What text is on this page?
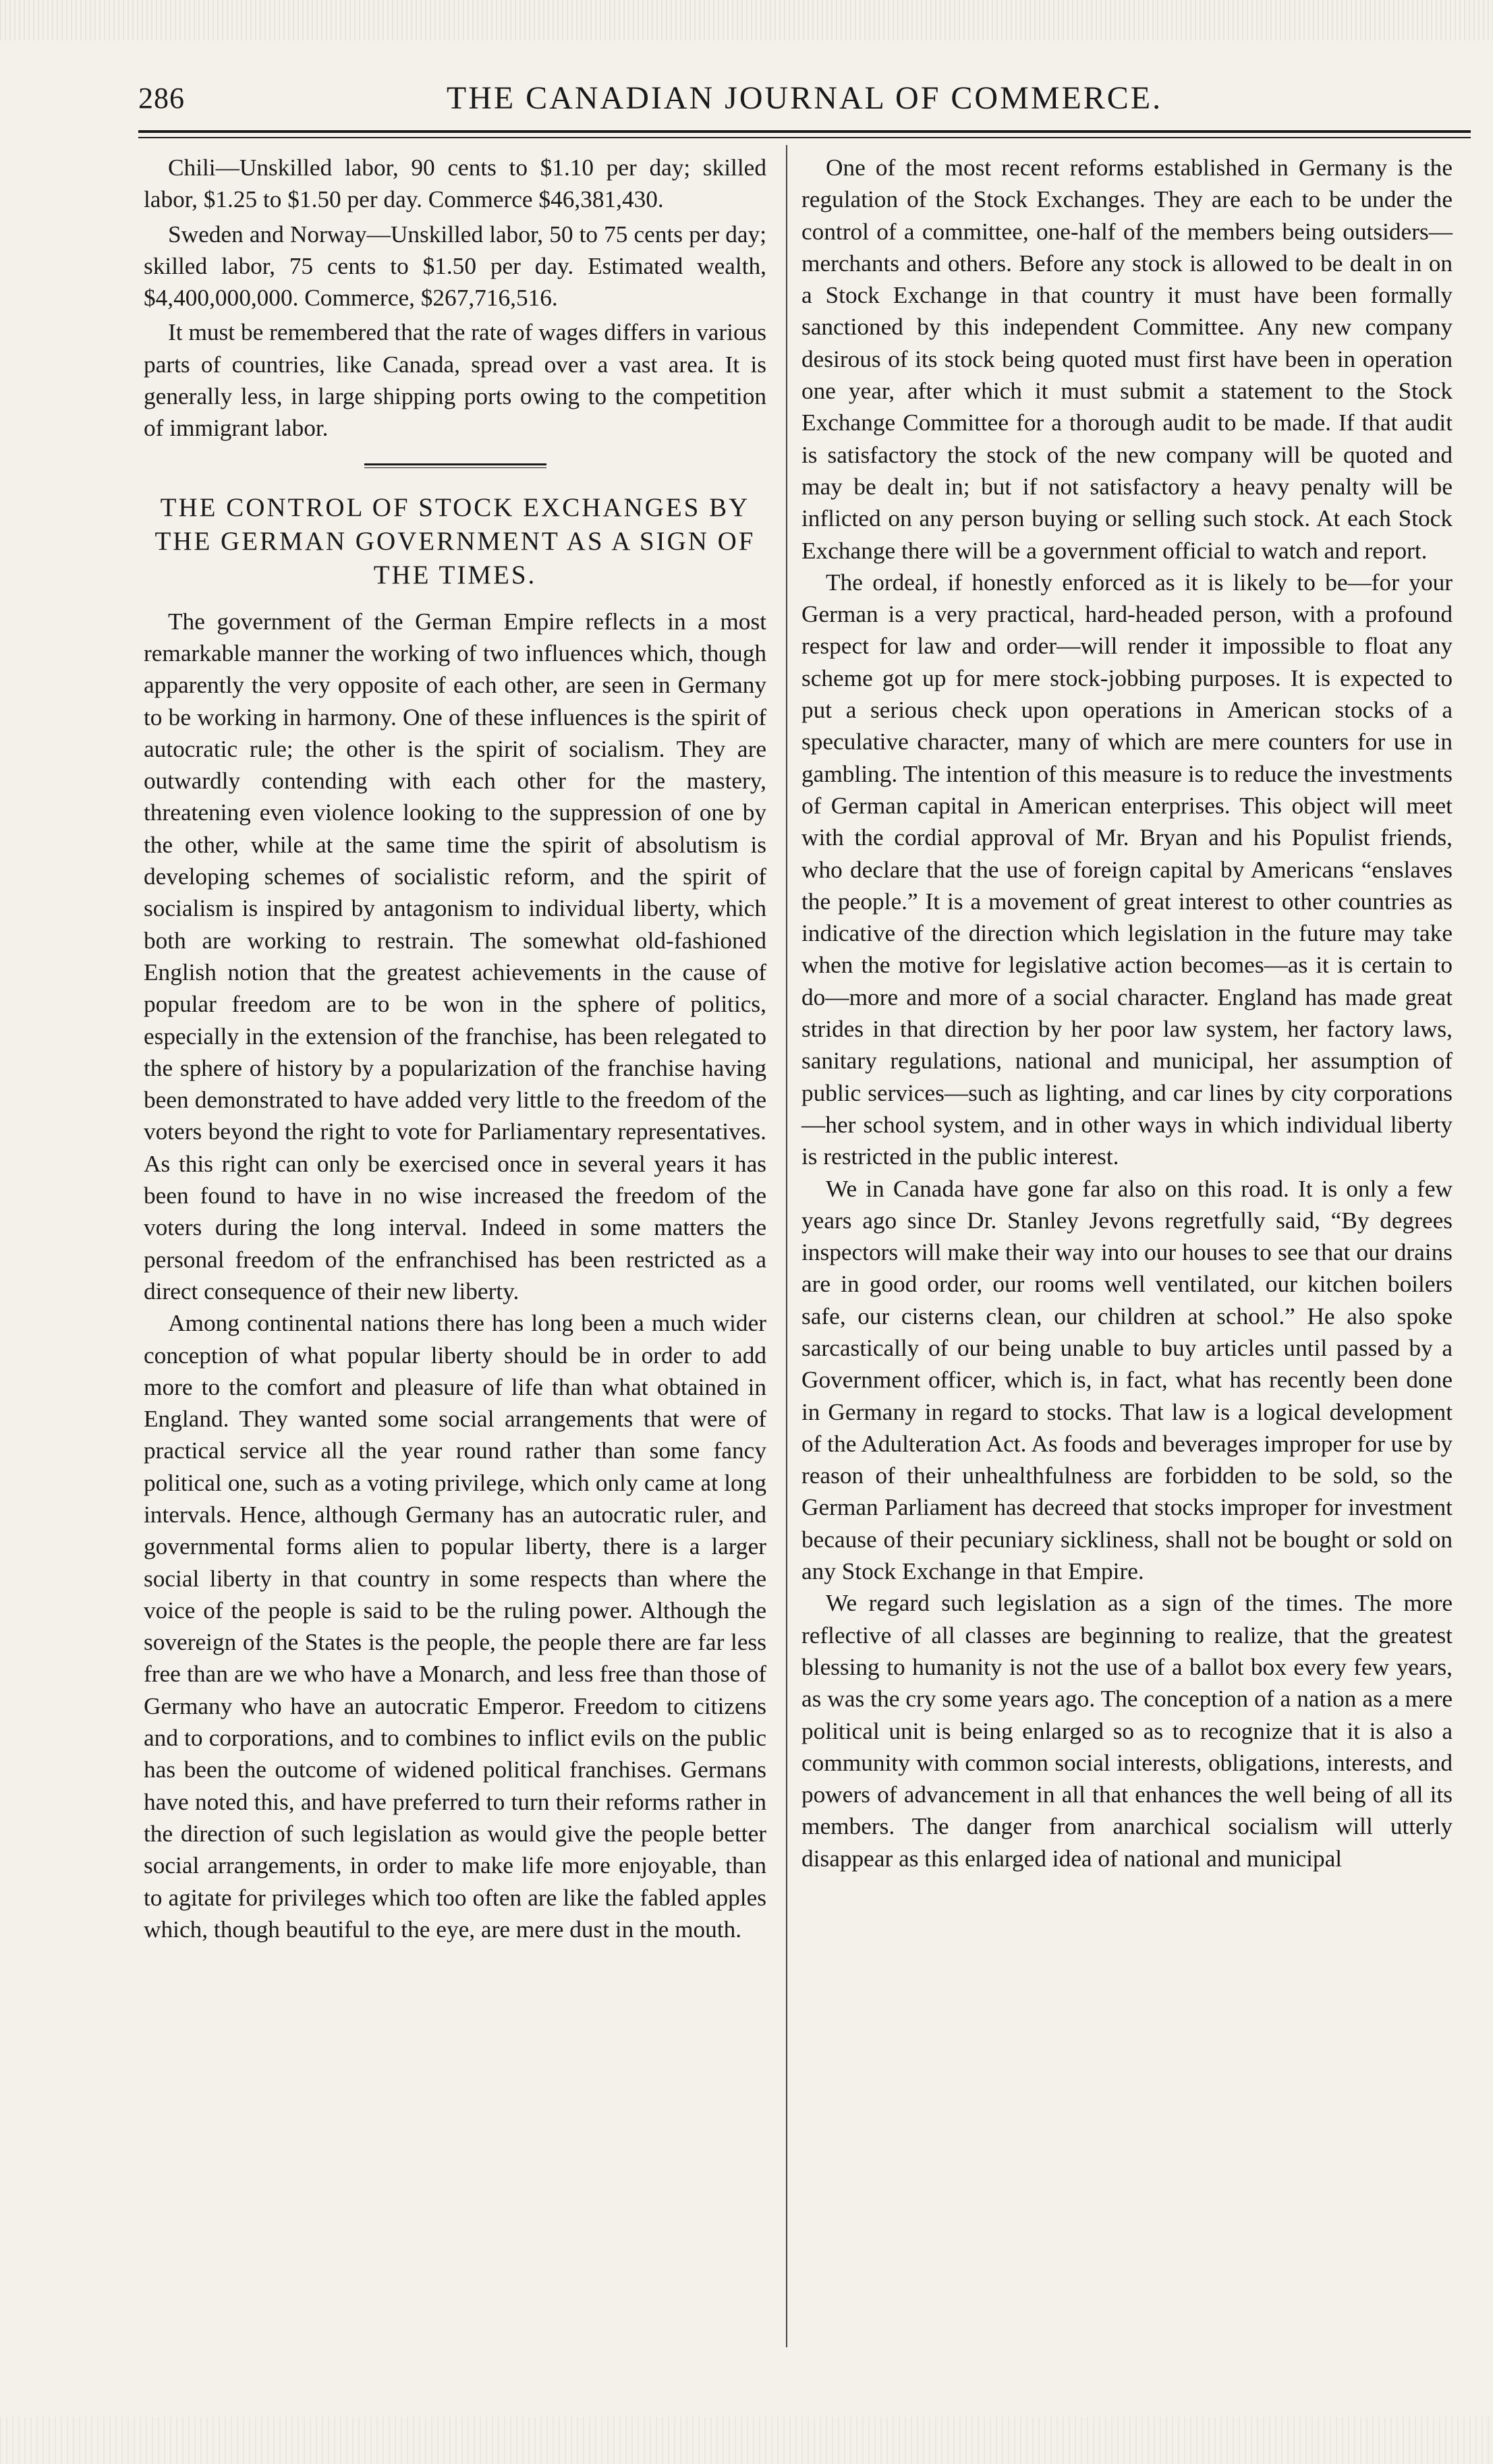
286	THE CANADIAN JOURNAL OF COMMERCE.

Chili—Unskilled labor, 90 cents to $1.10 per day; skilled labor, $1.25 to $1.50 per day. Commerce $46,381,430.

Sweden and Norway—Unskilled labor, 50 to 75 cents per day; skilled labor, 75 cents to $1.50 per day. Estimated wealth, $4,400,000,000. Commerce, $267,716,516.

It must be remembered that the rate of wages differs in various parts of countries, like Canada, spread over a vast area. It is generally less, in large shipping ports owing to the competition of immigrant labor.

THE CONTROL OF STOCK EXCHANGES BY THE GERMAN GOVERNMENT AS A SIGN OF THE TIMES.

The government of the German Empire reflects in a most remarkable manner the working of two influences which, though apparently the very opposite of each other, are seen in Germany to be working in harmony. One of these influences is the spirit of autocratic rule; the other is the spirit of socialism. They are outwardly contending with each other for the mastery, threatening even violence looking to the suppression of one by the other, while at the same time the spirit of absolutism is developing schemes of socialistic reform, and the spirit of socialism is inspired by antagonism to individual liberty, which both are working to restrain. The somewhat old-fashioned English notion that the greatest achievements in the cause of popular freedom are to be won in the sphere of politics, especially in the extension of the franchise, has been relegated to the sphere of history by a popularization of the franchise having been demonstrated to have added very little to the freedom of the voters beyond the right to vote for Parliamentary representatives. As this right can only be exercised once in several years it has been found to have in no wise increased the freedom of the voters during the long interval. Indeed in some matters the personal freedom of the enfranchised has been restricted as a direct consequence of their new liberty.

Among continental nations there has long been a much wider conception of what popular liberty should be in order to add more to the comfort and pleasure of life than what obtained in England. They wanted some social arrangements that were of practical service all the year round rather than some fancy political one, such as a voting privilege, which only came at long intervals. Hence, although Germany has an autocratic ruler, and governmental forms alien to popular liberty, there is a larger social liberty in that country in some respects than where the voice of the people is said to be the ruling power. Although the sovereign of the States is the people, the people there are far less free than are we who have a Monarch, and less free than those of Germany who have an autocratic Emperor. Freedom to citizens and to corporations, and to combines to inflict evils on the public has been the outcome of widened political franchises. Germans have noted this, and have preferred to turn their reforms rather in the direction of such legislation as would give the people better social arrangements, in order to make life more enjoyable, than to agitate for privileges which too often are like the fabled apples which, though beautiful to the eye, are mere dust in the mouth.

One of the most recent reforms established in Germany is the regulation of the Stock Exchanges. They are each to be under the control of a committee, one-half of the members being outsiders—merchants and others. Before any stock is allowed to be dealt in on a Stock Exchange in that country it must have been formally sanctioned by this independent Committee. Any new company desirous of its stock being quoted must first have been in operation one year, after which it must submit a statement to the Stock Exchange Committee for a thorough audit to be made. If that audit is satisfactory the stock of the new company will be quoted and may be dealt in; but if not satisfactory a heavy penalty will be inflicted on any person buying or selling such stock. At each Stock Exchange there will be a government official to watch and report.

The ordeal, if honestly enforced as it is likely to be—for your German is a very practical, hard-headed person, with a profound respect for law and order—will render it impossible to float any scheme got up for mere stock-jobbing purposes. It is expected to put a serious check upon operations in American stocks of a speculative character, many of which are mere counters for use in gambling. The intention of this measure is to reduce the investments of German capital in American enterprises. This object will meet with the cordial approval of Mr. Bryan and his Populist friends, who declare that the use of foreign capital by Americans “enslaves the people.” It is a movement of great interest to other countries as indicative of the direction which legislation in the future may take when the motive for legislative action becomes—as it is certain to do—more and more of a social character. England has made great strides in that direction by her poor law system, her factory laws, sanitary regulations, national and municipal, her assumption of public services—such as lighting, and car lines by city corporations—her school system, and in other ways in which individual liberty is restricted in the public interest.

We in Canada have gone far also on this road. It is only a few years ago since Dr. Stanley Jevons regretfully said, “By degrees inspectors will make their way into our houses to see that our drains are in good order, our rooms well ventilated, our kitchen boilers safe, our cisterns clean, our children at school.” He also spoke sarcastically of our being unable to buy articles until passed by a Government officer, which is, in fact, what has recently been done in Germany in regard to stocks. That law is a logical development of the Adulteration Act. As foods and beverages improper for use by reason of their unhealthfulness are forbidden to be sold, so the German Parliament has decreed that stocks improper for investment because of their pecuniary sickliness, shall not be bought or sold on any Stock Exchange in that Empire.

We regard such legislation as a sign of the times. The more reflective of all classes are beginning to realize, that the greatest blessing to humanity is not the use of a ballot box every few years, as was the cry some years ago. The conception of a nation as a mere political unit is being enlarged so as to recognize that it is also a community with common social interests, obligations, interests, and powers of advancement in all that enhances the well being of all its members. The danger from anarchical socialism will utterly disappear as this enlarged idea of national and municipal
